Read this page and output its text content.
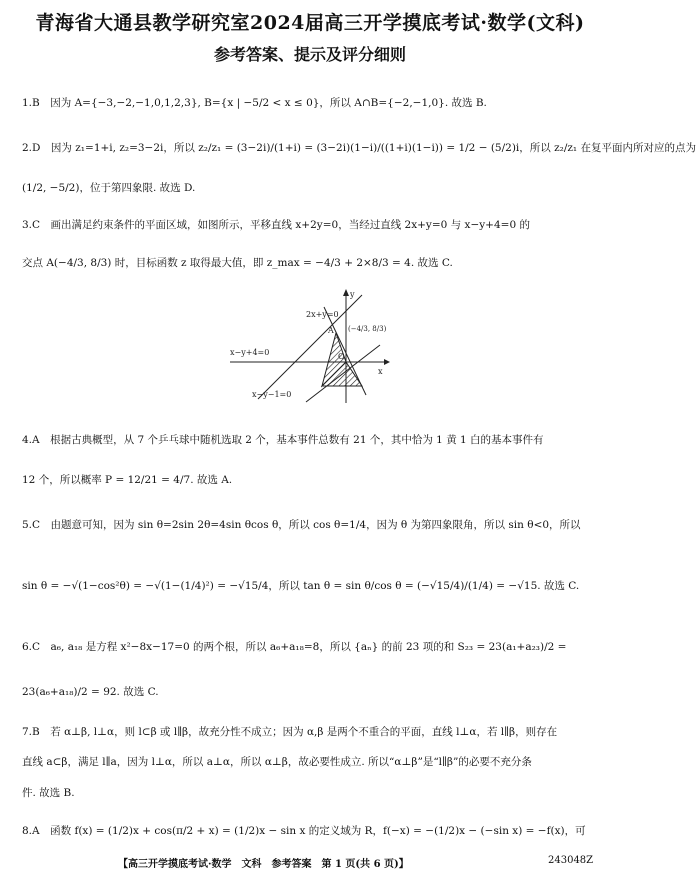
青海省大通县教学研究室2024届高三开学摸底考试·数学(文科)
参考答案、提示及评分细则
1.B　因为 A={−3,−2,−1,0,1,2,3}, B={x | −5/2 < x ≤ 0}，所以 A∩B={−2,−1,0}. 故选 B.
2.D　因为 z₁=1+i, z₂=3−2i，所以 z₂/z₁ = (3−2i)/(1+i) = (3−2i)(1−i)/((1+i)(1−i)) = 1/2 − (5/2)i，所以 z₂/z₁ 在复平面内所对应的点为
(1/2, −5/2)，位于第四象限. 故选 D.
3.C　画出满足约束条件的平面区域，如图所示，平移直线 x+2y=0，当经过直线 2x+y=0 与 x−y+4=0 的
交点 A(−4/3, 8/3) 时，目标函数 z 取得最大值，即 z_max = −4/3 + 2×8/3 = 4. 故选 C.
2x+y=0
x−y+4=0
x−y−1=0
A (−4/3, 8/3)
O
x
y
4.A　根据古典概型，从 7 个乒乓球中随机选取 2 个，基本事件总数有 21 个，其中恰为 1 黄 1 白的基本事件有
12 个，所以概率 P = 12/21 = 4/7. 故选 A.
5.C　由题意可知，因为 sin θ=2sin 2θ=4sin θcos θ，所以 cos θ=1/4，因为 θ 为第四象限角，所以 sin θ<0，所以
sin θ = −√(1−cos²θ) = −√(1−(1/4)²) = −√15/4，所以 tan θ = sin θ/cos θ = (−√15/4)/(1/4) = −√15. 故选 C.
6.C　a₆, a₁₈ 是方程 x²−8x−17=0 的两个根，所以 a₆+a₁₈=8，所以 {aₙ} 的前 23 项的和 S₂₃ = 23(a₁+a₂₃)/2 =
23(a₆+a₁₈)/2 = 92. 故选 C.
7.B　若 α⊥β, l⊥α，则 l⊂β 或 l∥β，故充分性不成立；因为 α,β 是两个不重合的平面，直线 l⊥α，若 l∥β，则存在
直线 a⊂β，满足 l∥a，因为 l⊥α，所以 a⊥α，所以 α⊥β，故必要性成立. 所以“α⊥β”是“l∥β”的必要不充分条
件. 故选 B.
8.A　函数 f(x) = (1/2)x + cos(π/2 + x) = (1/2)x − sin x 的定义域为 R，f(−x) = −(1/2)x − (−sin x) = −f(x)，可
【高三开学摸底考试·数学　文科　参考答案　第 1 页(共 6 页)】	243048Z
